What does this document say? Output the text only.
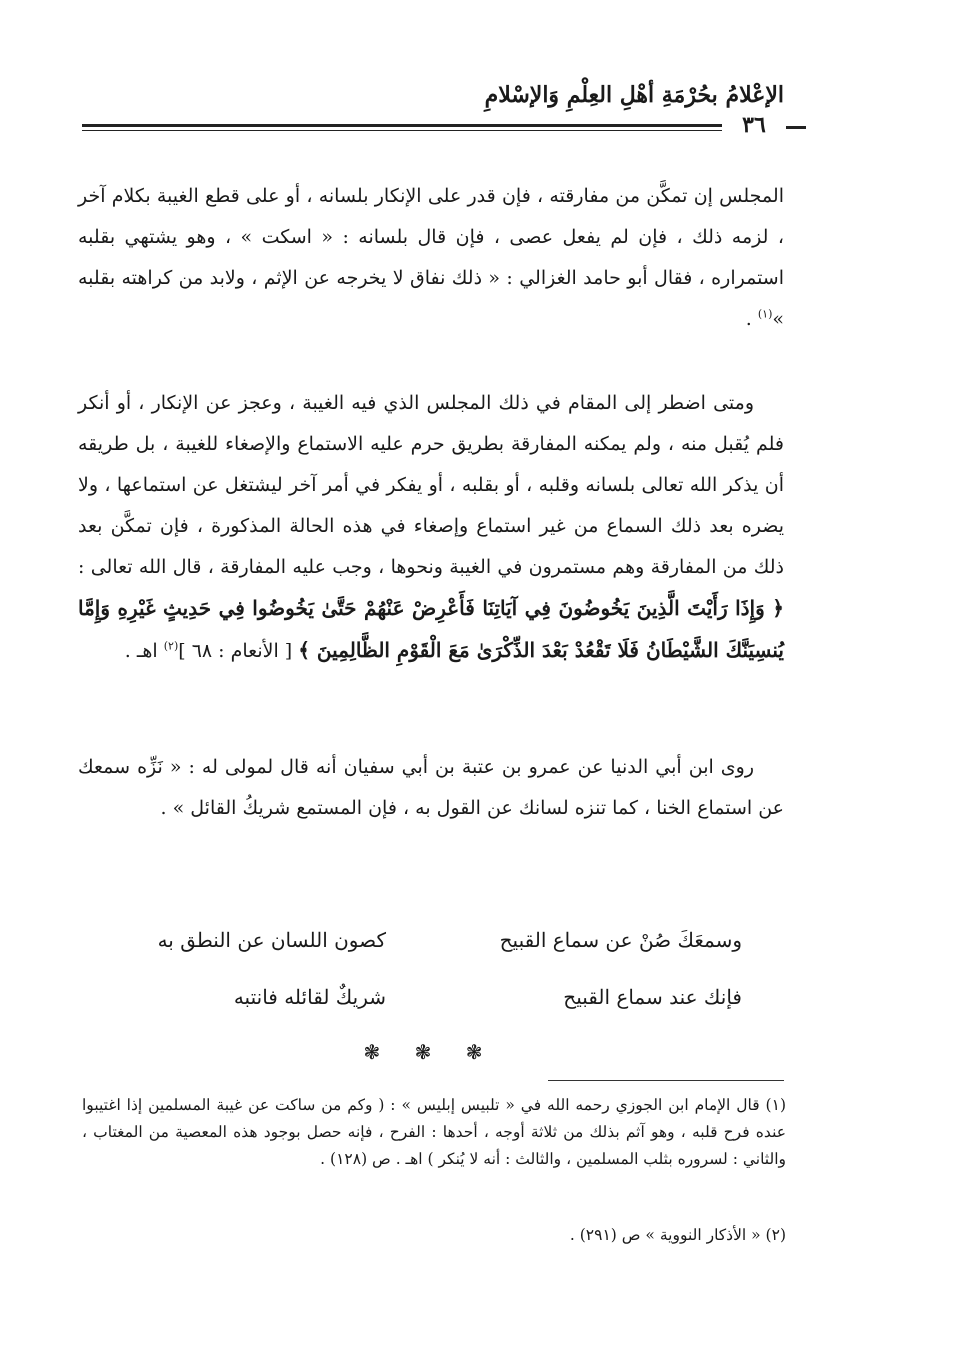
الإعْلامُ بحُرْمَةِ أهْلِ العِلْمِ وَالإسْلامِ
٣٦
المجلس إن تمكَّن من مفارقته ، فإن قدر على الإنكار بلسانه ، أو على قطع الغيبة بكلام آخر ، لزمه ذلك ، فإن لم يفعل عصى ، فإن قال بلسانه : « اسكت » ، وهو يشتهي بقلبه استمراره ، فقال أبو حامد الغزالي : « ذلك نفاق لا يخرجه عن الإثم ، ولابد من كراهته بقلبه »$^{(١)}$ .
ومتى اضطر إلى المقام في ذلك المجلس الذي فيه الغيبة ، وعجز عن الإنكار ، أو أنكر فلم يُقبل منه ، ولم يمكنه المفارقة بطريق حرم عليه الاستماع والإصغاء للغيبة ، بل طريقه أن يذكر الله تعالى بلسانه وقلبه ، أو بقلبه ، أو يفكر في أمر آخر ليشتغل عن استماعها ، ولا يضره بعد ذلك السماع من غير استماع وإصغاء في هذه الحالة المذكورة ، فإن تمكَّن بعد ذلك من المفارقة وهم مستمرون في الغيبة ونحوها ، وجب عليه المفارقة ، قال الله تعالى : ﴿ وَإِذَا رَأَيْتَ الَّذِينَ يَخُوضُونَ فِي آيَاتِنَا فَأَعْرِضْ عَنْهُمْ حَتَّىٰ يَخُوضُوا فِي حَدِيثٍ غَيْرِهِ وَإِمَّا يُنسِيَنَّكَ الشَّيْطَانُ فَلَا تَقْعُدْ بَعْدَ الذِّكْرَىٰ مَعَ الْقَوْمِ الظَّالِمِينَ ﴾ [ الأنعام : ٦٨ ]$^{(٢)}$ اهـ .
روى ابن أبي الدنيا عن عمرو بن عتبة بن أبي سفيان أنه قال لمولى له : « نَزِّه سمعك عن استماع الخنا ، كما تنزه لسانك عن القول به ، فإن المستمع شريكُ القائل » .
وسمعَكَ صُنْ عن سماع القبيح
كصون اللسان عن النطق به
فإنك عند سماع القبيح
شريكٌ لقائله فانتبه
❃ ❃ ❃
(١) قال الإمام ابن الجوزي رحمه الله في « تلبيس إبليس » : ( وكم من ساكت عن غيبة المسلمين إذا اغتيبوا عنده فرح قلبه ، وهو آثم بذلك من ثلاثة أوجه ، أحدها : الفرح ، فإنه حصل بوجود هذه المعصية من المغتاب ، والثاني : لسروره بثلب المسلمين ، والثالث : أنه لا يُنكر ) اهـ . ص (١٢٨) .
(٢) « الأذكار النووية » ص (٢٩١) .
